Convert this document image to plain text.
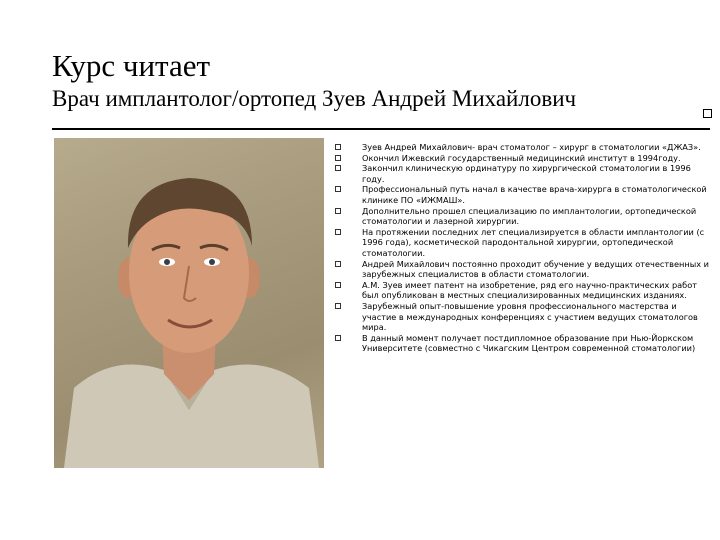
Курс читает
Врач имплантолог/ортопед Зуев Андрей Михайлович
Зуев Андрей Михайлович- врач стоматолог – хирург в стоматологии «ДЖАЗ».
Окончил Ижевский государственный медицинский институт в 1994году.
Закончил клиническую ординатуру по хирургической стоматологии в 1996 году.
Профессиональный путь начал в качестве врача-хирурга в стоматологической клинике ПО «ИЖМАШ».
Дополнительно прошел специализацию по имплантологии, ортопедической стоматологии и лазерной хирургии.
На протяжении последних лет специализируется в области имплантологии (с 1996 года), косметической пародонтальной хирургии, ортопедической стоматологии.
Андрей Михайлович постоянно проходит обучение у ведущих отечественных и зарубежных специалистов в области стоматологии.
А.М. Зуев имеет патент на изобретение, ряд его научно-практических работ был опубликован в местных специализированных медицинских изданиях.
Зарубежный опыт-повышение уровня профессионального мастерства и участие в международных конференциях с участием ведущих стоматологов мира.
В данный момент получает постдипломное образование при Нью-Йоркском Университете (совместно с Чикагским Центром современной стоматологии)
